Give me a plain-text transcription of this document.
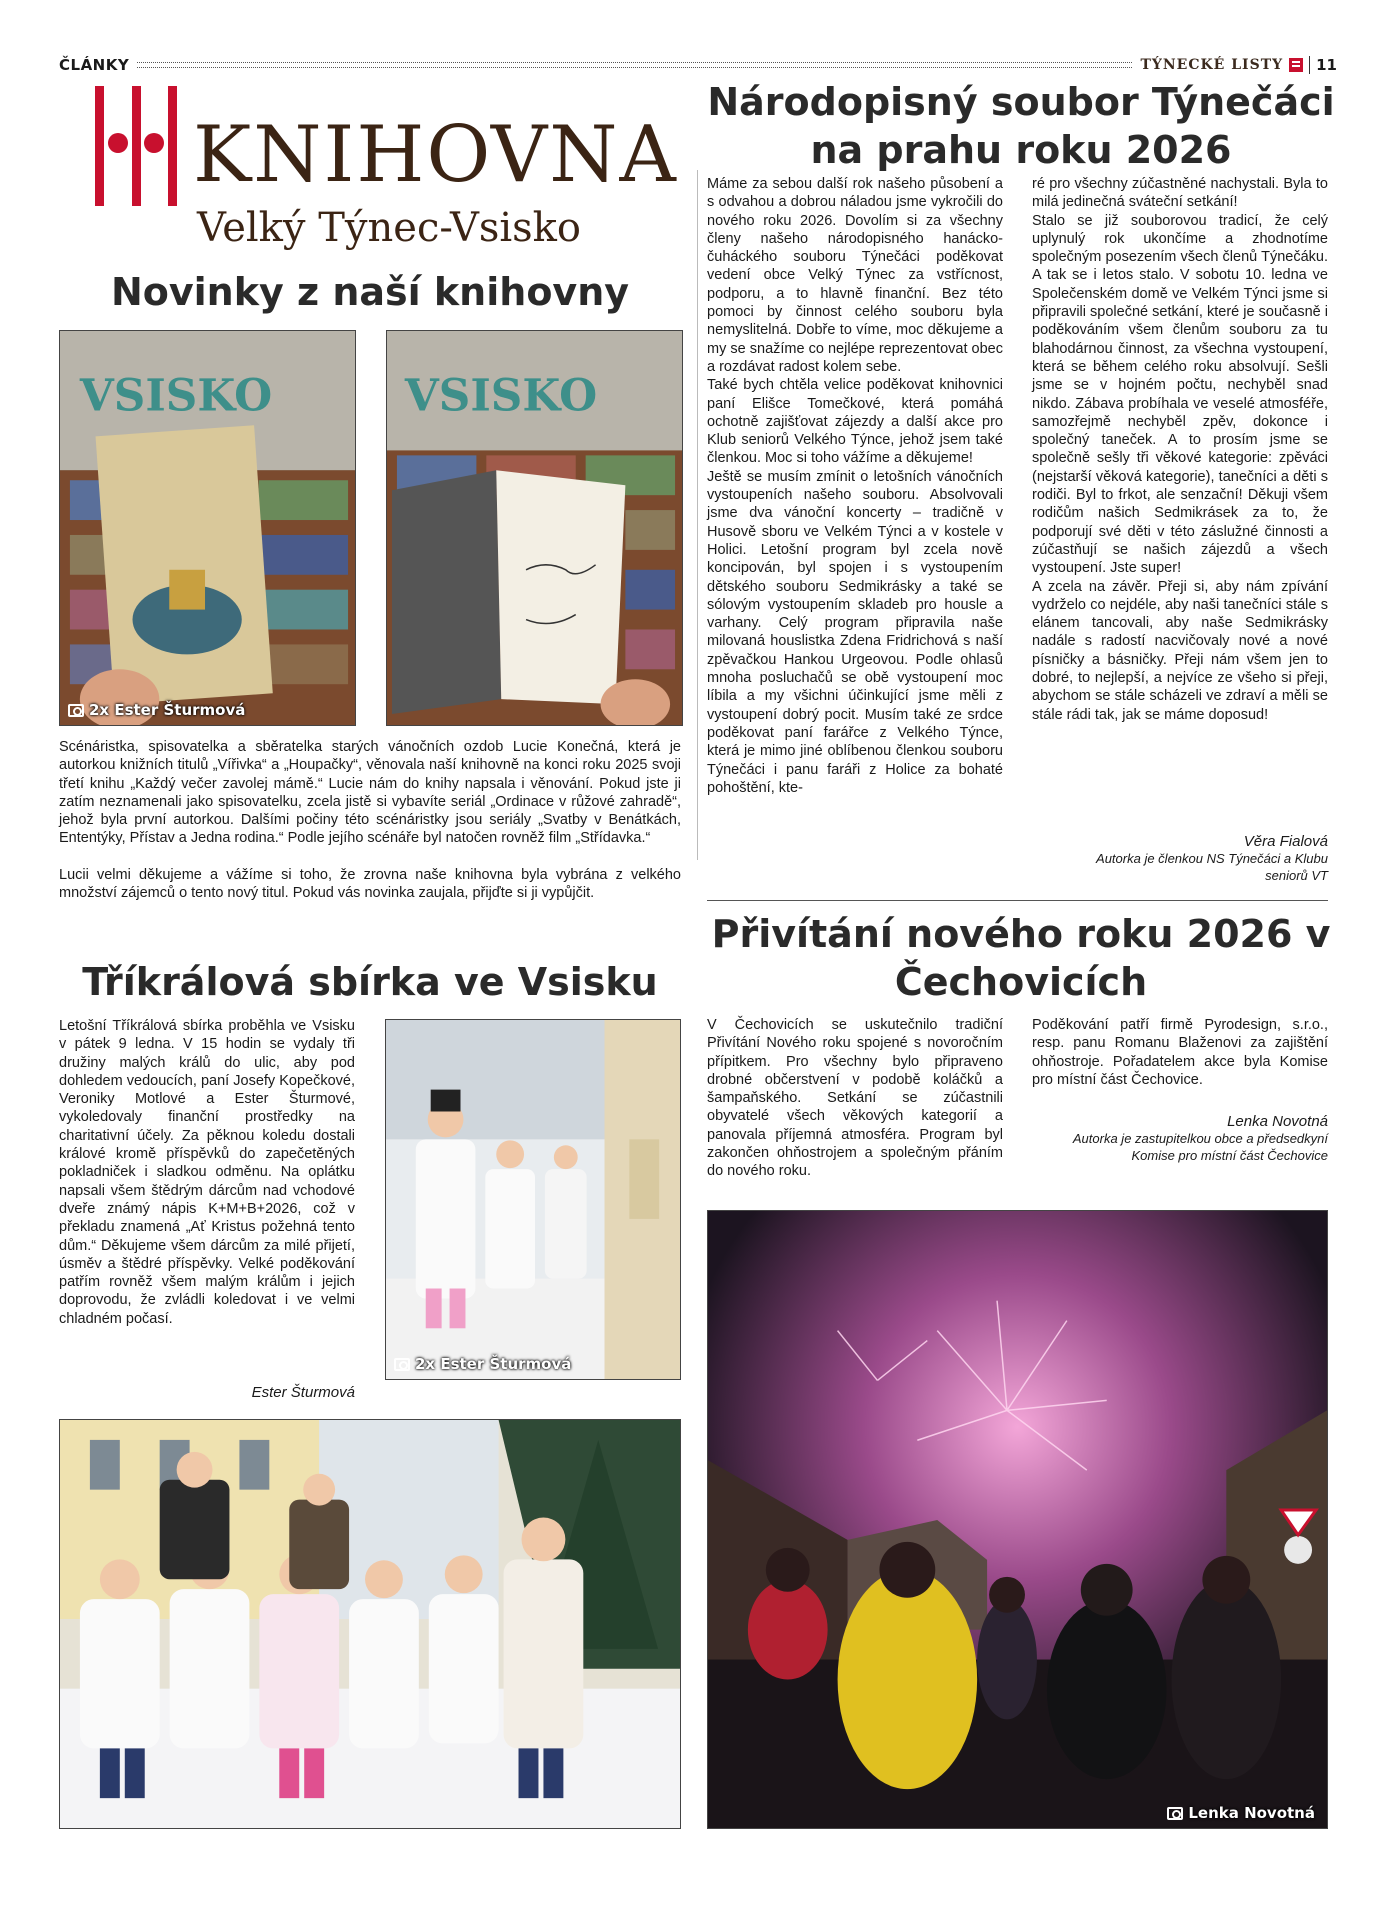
ČLÁNKY	TÝNECKÉ LISTY 11
KNIHOVNA
Velký Týnec-Vsisko
Novinky z naší knihovny
VSISKO
2x Ester Šturmová
VSISKO

Scénáristka, spisovatelka a sběratelka starých vánočních ozdob Lucie Konečná, která je autorkou knižních titulů „Vířivka“ a „Houpačky“, věnovala naší knihovně na konci roku 2025 svoji třetí knihu „Každý večer zavolej mámě.“ Lucie nám do knihy napsala i věnování. Pokud jste ji zatím neznamenali jako spisovatelku, zcela jistě si vybavíte seriál „Ordinace v růžové zahradě“, jehož byla první autorkou. Dalšími počiny této scénáristky jsou seriály „Svatby v Benátkách, Ententýky, Přístav a Jedna rodina.“ Podle jejího scénáře byl natočen rovněž film „Střídavka.“

Lucii velmi děkujeme a vážíme si toho, že zrovna naše knihovna byla vybrána z velkého množství zájemců o tento nový titul. Pokud vás novinka zaujala, přijďte si ji vypůjčit.

Tříkrálová sbírka ve Vsisku
Letošní Tříkrálová sbírka proběhla ve Vsisku v pátek 9 ledna. V 15 hodin se vydaly tři družiny malých králů do ulic, aby pod dohledem vedoucích, paní Josefy Kopečkové, Veroniky Motlové a Ester Šturmové, vykoledovaly finanční prostředky na charitativní účely. Za pěknou koledu dostali králové kromě příspěvků do zapečetěných pokladniček i sladkou odměnu. Na oplátku napsali všem štědrým dárcům nad vchodové dveře známý nápis K+M+B+2026, což v překladu znamená „Ať Kristus požehná tento dům.“ Děkujeme všem dárcům za milé přijetí, úsměv a štědré příspěvky. Velké poděkování patřím rovněž všem malým králům i jejich doprovodu, že zvládli koledovat i ve velmi chladném počasí.
Ester Šturmová
2x Ester Šturmová
Národopisný soubor Týnečáci na prahu roku 2026

Máme za sebou další rok našeho působení a s odvahou a dobrou náladou jsme vykročili do nového roku 2026. Dovolím si za všechny členy našeho národopisného hanácko-čuháckého souboru Týnečáci poděkovat vedení obce Velký Týnec za vstřícnost, podporu, a to hlavně finanční. Bez této pomoci by činnost celého souboru byla nemyslitelná. Dobře to víme, moc děkujeme a my se snažíme co nejlépe reprezentovat obec a rozdávat radost kolem sebe.

Také bych chtěla velice poděkovat knihovnici paní Elišce Tomečkové, která pomáhá ochotně zajišťovat zájezdy a další akce pro Klub seniorů Velkého Týnce, jehož jsem také členkou. Moc si toho vážíme a děkujeme!

Ještě se musím zmínit o letošních vánočních vystoupeních našeho souboru. Absolvovali jsme dva vánoční koncerty – tradičně v Husově sboru ve Velkém Týnci a v kostele v Holici. Letošní program byl zcela nově koncipován, byl spojen i s vystoupením dětského souboru Sedmikrásky a také se sólovým vystoupením skladeb pro housle a varhany. Celý program připravila naše milovaná houslistka Zdena Fridrichová s naší zpěvačkou Hankou Urgeovou. Podle ohlasů mnoha posluchačů se obě vystoupení moc líbila a my všichni účinkující jsme měli z vystoupení dobrý pocit. Musím také ze srdce poděkovat paní farářce z Velkého Týnce, která je mimo jiné oblíbenou členkou souboru Týnečáci i panu faráři z Holice za bohaté pohoštění, kte-

ré pro všechny zúčastněné nachystali. Byla to milá jedinečná sváteční setkání!

Stalo se již souborovou tradicí, že celý uplynulý rok ukončíme a zhodnotíme společným posezením všech členů Týnečáku. A tak se i letos stalo. V sobotu 10. ledna ve Společenském domě ve Velkém Týnci jsme si připravili společné setkání, které je současně i poděkováním všem členům souboru za tu blahodárnou činnost, za všechna vystoupení, která se během celého roku absolvují. Sešli jsme se v hojném počtu, nechyběl snad nikdo. Zábava probíhala ve veselé atmosféře, samozřejmě nechyběl zpěv, dokonce i společný taneček. A to prosím jsme se společně sešly tři věkové kategorie: zpěváci (nejstarší věková kategorie), tanečníci a děti s rodiči. Byl to frkot, ale senzační! Děkuji všem rodičům našich Sedmikrásek za to, že podporují své děti v této záslužné činnosti a zúčastňují se našich zájezdů a všech vystoupení. Jste super!

A zcela na závěr. Přeji si, aby nám zpívání vydrželo co nejdéle, aby naši tanečníci stále s elánem tancovali, aby naše Sedmikrásky nadále s radostí nacvičovaly nové a nové písničky a básničky. Přeji nám všem jen to dobré, to nejlepší, a nejvíce ze všeho si přeji, abychom se stále scházeli ve zdraví a měli se stále rádi tak, jak se máme doposud!

Věra Fialová
Autorka je členkou NS Týnečáci a Klubu seniorů VT
Přivítání nového roku 2026 v Čechovicích
V Čechovicích se uskutečnilo tradiční Přivítání Nového roku spojené s novoročním přípitkem. Pro všechny bylo připraveno drobné občerstvení v podobě koláčků a šampaňského. Setkání se zúčastnili obyvatelé všech věkových kategorií a panovala příjemná atmosféra. Program byl zakončen ohňostrojem a společným přáním do nového roku.
Poděkování patří firmě Pyrodesign, s.r.o., resp. panu Romanu Blaženovi za zajištění ohňostroje. Pořadatelem akce byla Komise pro místní část Čechovice.
Lenka Novotná
Autorka je zastupitelkou obce a předsedkyní Komise pro místní část Čechovice
Lenka Novotná
